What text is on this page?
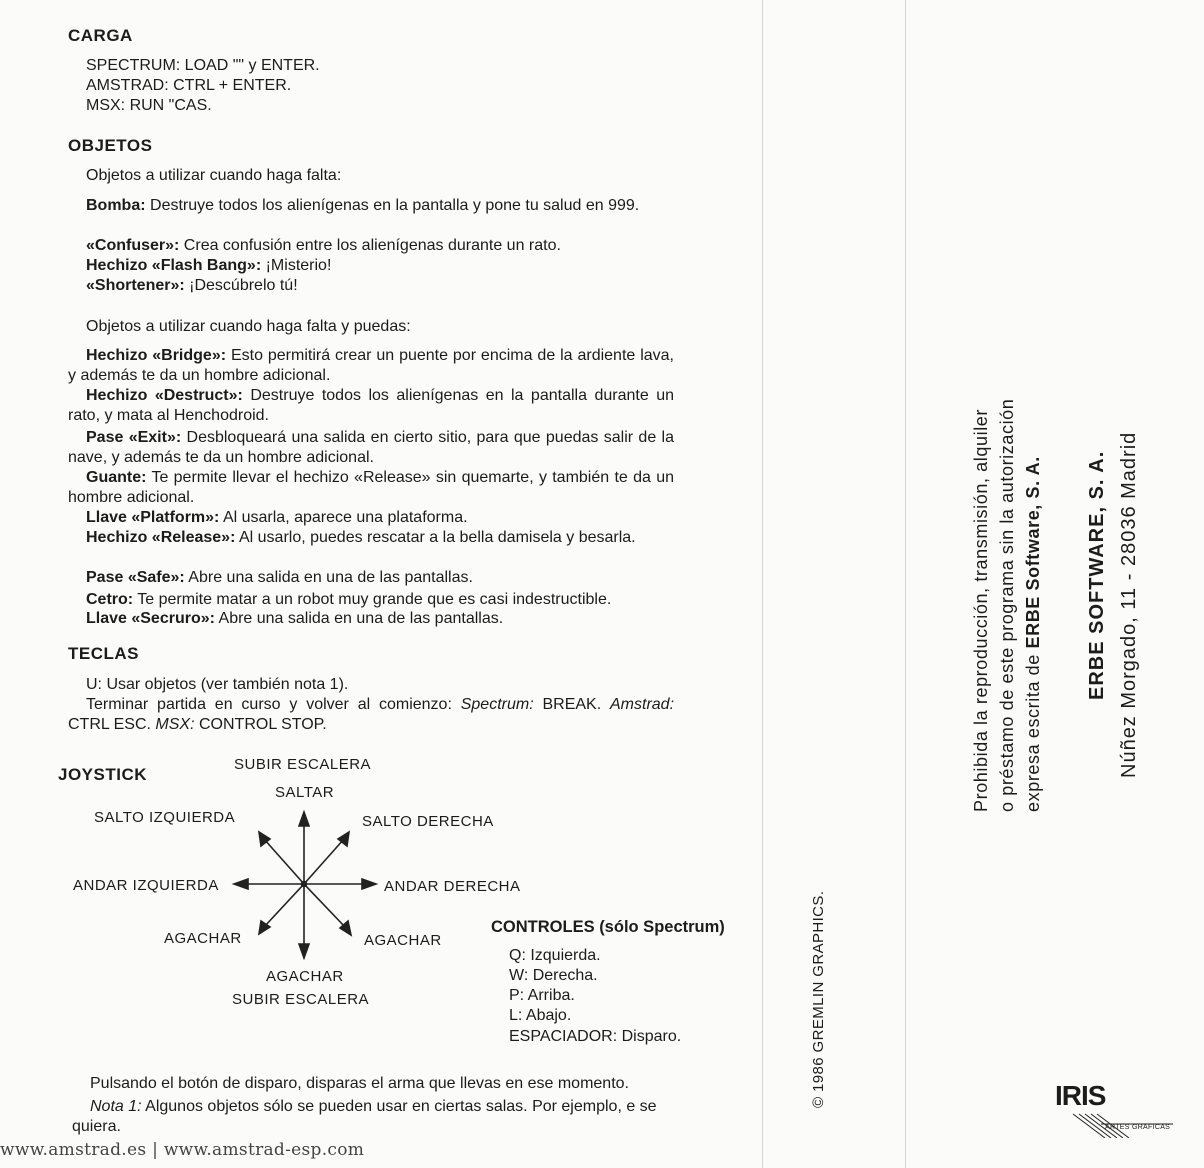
CARGA
SPECTRUM: LOAD "" y ENTER.
AMSTRAD: CTRL + ENTER.
MSX: RUN "CAS.
OBJETOS
Objetos a utilizar cuando haga falta:
Bomba: Destruye todos los alienígenas en la pantalla y pone tu salud en 999.
«Confuser»: Crea confusión entre los alienígenas durante un rato.
Hechizo «Flash Bang»: ¡Misterio!
«Shortener»: ¡Descúbrelo tú!
Objetos a utilizar cuando haga falta y puedas:
Hechizo «Bridge»: Esto permitirá crear un puente por encima de la ardiente lava, y además te da un hombre adicional.
Hechizo «Destruct»: Destruye todos los alienígenas en la pantalla durante un rato, y mata al Henchodroid.
Pase «Exit»: Desbloqueará una salida en cierto sitio, para que puedas salir de la nave, y además te da un hombre adicional.
Guante: Te permite llevar el hechizo «Release» sin quemarte, y también te da un hombre adicional.
Llave «Platform»: Al usarla, aparece una plataforma.
Hechizo «Release»: Al usarlo, puedes rescatar a la bella damisela y besarla.
Pase «Safe»: Abre una salida en una de las pantallas.
Cetro: Te permite matar a un robot muy grande que es casi indestructible.
Llave «Secruro»: Abre una salida en una de las pantallas.
TECLAS
U: Usar objetos (ver también nota 1).
Terminar partida en curso y volver al comienzo: Spectrum: BREAK. Amstrad: CTRL ESC. MSX: CONTROL STOP.
JOYSTICK
SUBIR ESCALERA
SALTAR
SALTO IZQUIERDA	SALTO DERECHA
ANDAR IZQUIERDA	ANDAR DERECHA
AGACHAR	AGACHAR
AGACHAR
SUBIR ESCALERA
CONTROLES (sólo Spectrum)
Q: Izquierda.
W: Derecha.
P: Arriba.
L: Abajo.
ESPACIADOR: Disparo.
Pulsando el botón de disparo, disparas el arma que llevas en ese momento.
Nota 1: Algunos objetos sólo se pueden usar en ciertas salas. Por ejemplo, e se quiera.
© 1986 GREMLIN GRAPHICS.
Prohibida la reproducción, transmisión, alquiler o préstamo de este programa sin la autorización expresa escrita de ERBE Software, S. A.	ERBE SOFTWARE, S. A. Núñez Morgado, 11 - 28036 Madrid
IRIS
ARTES GRAFICAS
www.amstrad.es | www.amstrad-esp.com
